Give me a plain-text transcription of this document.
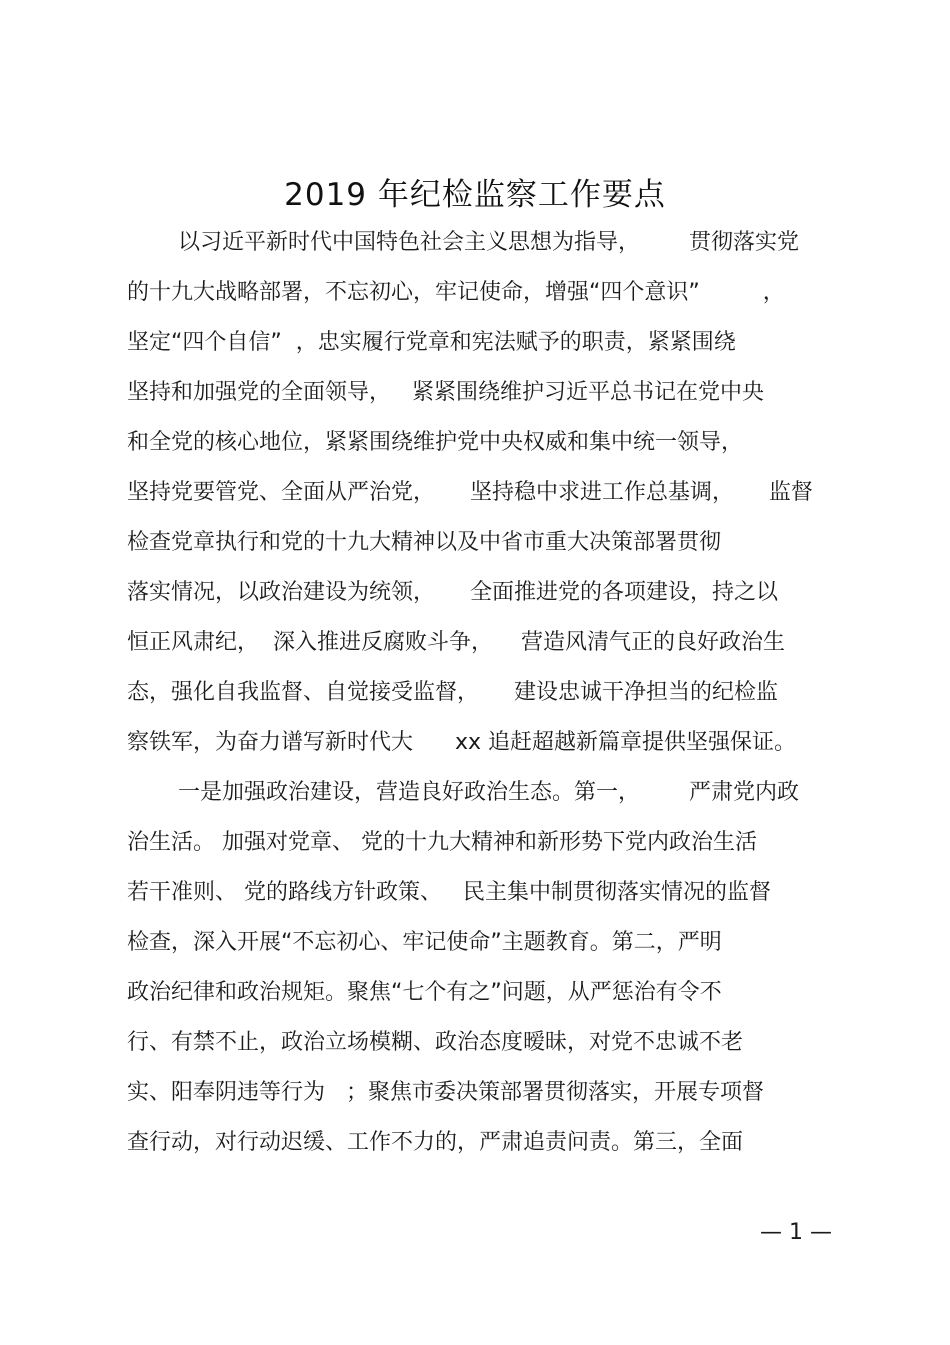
2019 年纪检监察工作要点
以习近平新时代中国特色社会主义思想为指导，       贯彻落实党
的十九大战略部署，不忘初心，牢记使命，增强“四个意识”         ，
坚定“四个自信”  ，忠实履行党章和宪法赋予的职责，紧紧围绕
坚持和加强党的全面领导，   紧紧围绕维护习近平总书记在党中央
和全党的核心地位，紧紧围绕维护党中央权威和集中统一领导，
坚持党要管党、全面从严治党，     坚持稳中求进工作总基调，     监督
检查党章执行和党的十九大精神以及中省市重大决策部署贯彻
落实情况，以政治建设为统领，     全面推进党的各项建设，持之以
恒正风肃纪，  深入推进反腐败斗争，    营造风清气正的良好政治生
态，强化自我监督、自觉接受监督，     建设忠诚干净担当的纪检监
察铁军，为奋力谱写新时代大      xx 追赶超越新篇章提供坚强保证。
一是加强政治建设，营造良好政治生态。第一，       严肃党内政
治生活。 加强对党章、 党的十九大精神和新形势下党内政治生活
若干准则、 党的路线方针政策、   民主集中制贯彻落实情况的监督
检查，深入开展“不忘初心、牢记使命”主题教育。第二，严明
政治纪律和政治规矩。聚焦“七个有之”问题，从严惩治有令不
行、有禁不止，政治立场模糊、政治态度暧昧，对党不忠诚不老
实、阳奉阴违等行为   ；聚焦市委决策部署贯彻落实，开展专项督
查行动，对行动迟缓、工作不力的，严肃追责问责。第三，全面
— 1 —
